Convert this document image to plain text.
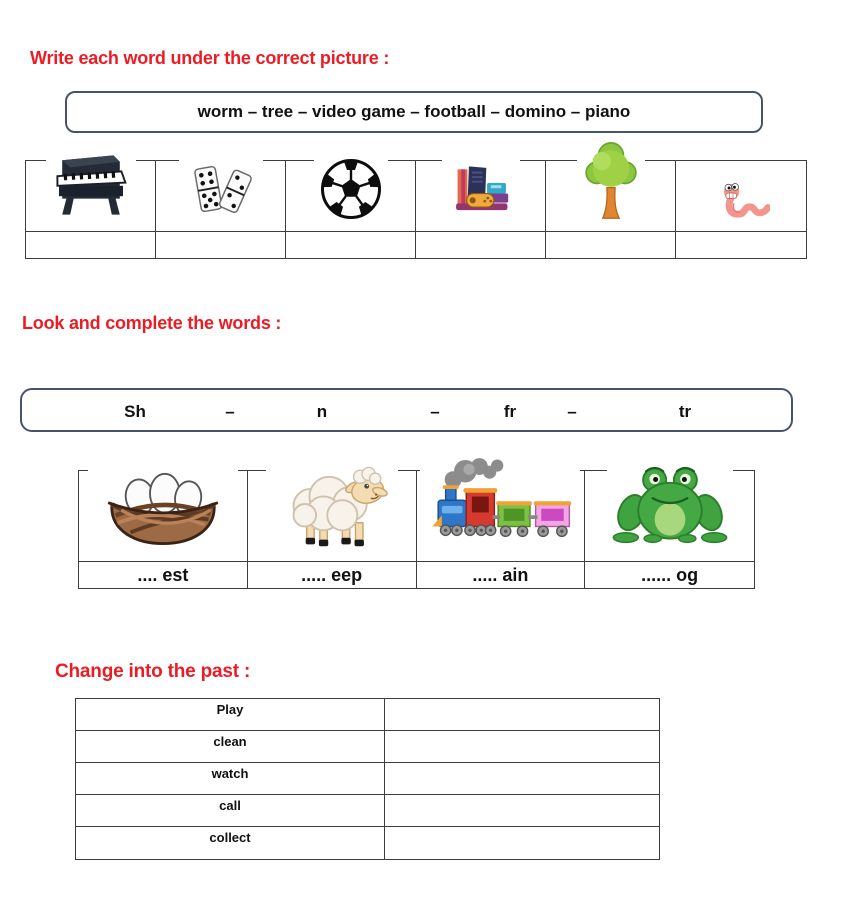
Write each word under the correct picture :
worm – tree – video game – football – domino – piano
Look and complete the words :
Sh	–	n	–	fr	–	tr
.... est	..... eep	..... ain	...... og
Change into the past :
Play
clean
watch
call
collect
